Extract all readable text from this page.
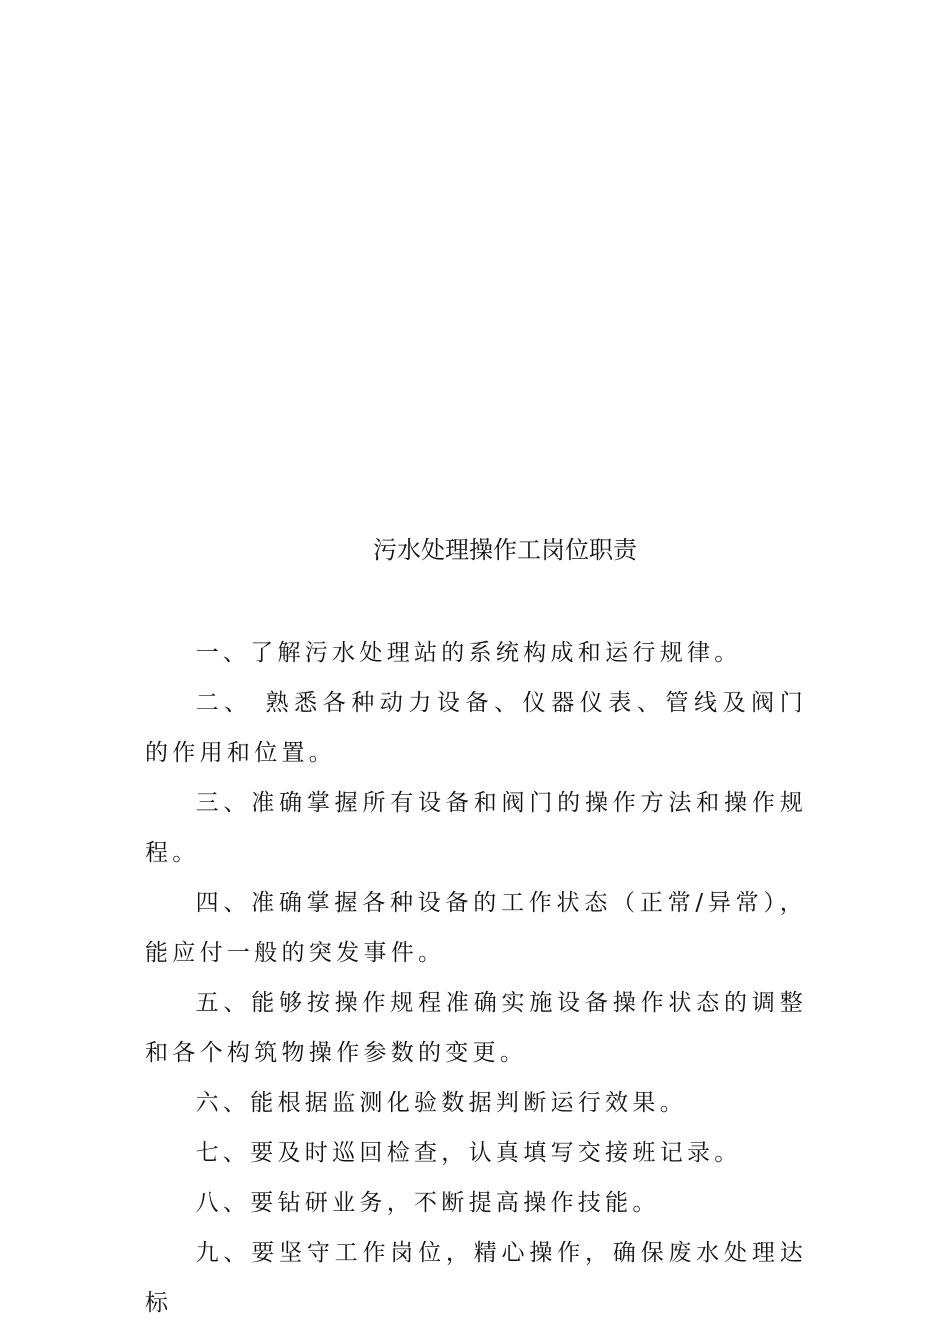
污水处理操作工岗位职责

一、了解污水处理站的系统构成和运行规律。

二、 熟悉各种动力设备、仪器仪表、管线及阀门的作用和位置。

三、准确掌握所有设备和阀门的操作方法和操作规程。

四、准确掌握各种设备的工作状态（正常/异常），能应付一般的突发事件。

五、能够按操作规程准确实施设备操作状态的调整和各个构筑物操作参数的变更。

六、能根据监测化验数据判断运行效果。

七、要及时巡回检查，认真填写交接班记录。

八、要钻研业务，不断提高操作技能。

九、要坚守工作岗位，精心操作，确保废水处理达标
